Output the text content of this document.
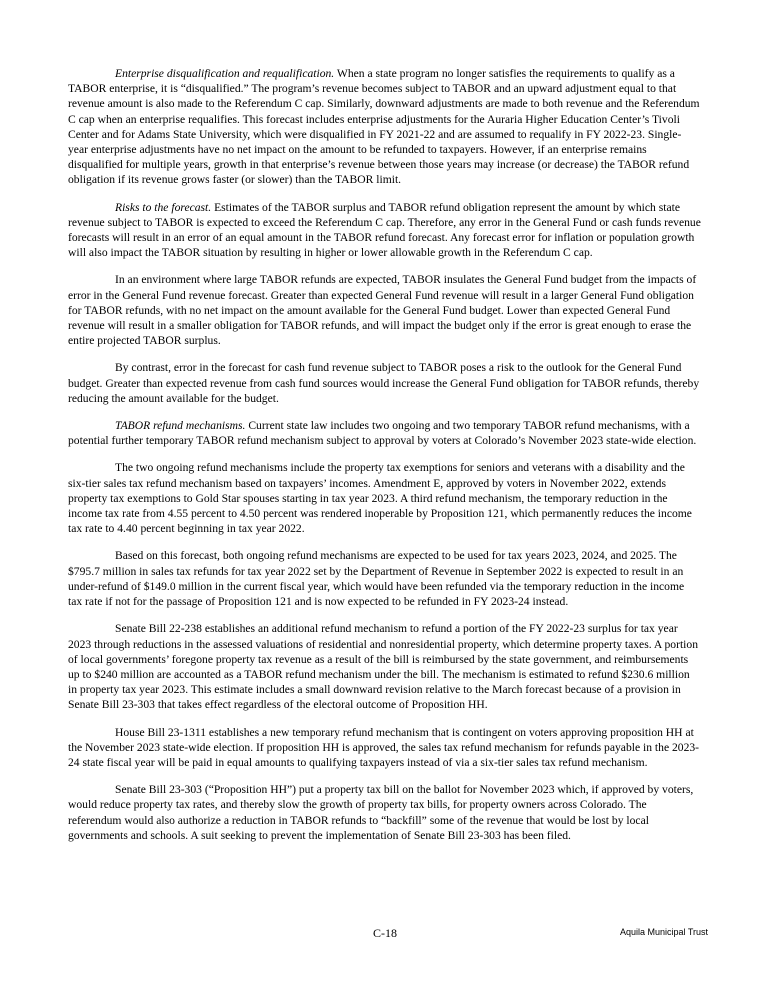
Enterprise disqualification and requalification. When a state program no longer satisfies the requirements to qualify as a TABOR enterprise, it is “disqualified.” The program’s revenue becomes subject to TABOR and an upward adjustment equal to that revenue amount is also made to the Referendum C cap. Similarly, downward adjustments are made to both revenue and the Referendum C cap when an enterprise requalifies. This forecast includes enterprise adjustments for the Auraria Higher Education Center’s Tivoli Center and for Adams State University, which were disqualified in FY 2021-22 and are assumed to requalify in FY 2022-23. Single-year enterprise adjustments have no net impact on the amount to be refunded to taxpayers. However, if an enterprise remains disqualified for multiple years, growth in that enterprise’s revenue between those years may increase (or decrease) the TABOR refund obligation if its revenue grows faster (or slower) than the TABOR limit.

Risks to the forecast. Estimates of the TABOR surplus and TABOR refund obligation represent the amount by which state revenue subject to TABOR is expected to exceed the Referendum C cap. Therefore, any error in the General Fund or cash funds revenue forecasts will result in an error of an equal amount in the TABOR refund forecast. Any forecast error for inflation or population growth will also impact the TABOR situation by resulting in higher or lower allowable growth in the Referendum C cap.

In an environment where large TABOR refunds are expected, TABOR insulates the General Fund budget from the impacts of error in the General Fund revenue forecast. Greater than expected General Fund revenue will result in a larger General Fund obligation for TABOR refunds, with no net impact on the amount available for the General Fund budget. Lower than expected General Fund revenue will result in a smaller obligation for TABOR refunds, and will impact the budget only if the error is great enough to erase the entire projected TABOR surplus.

By contrast, error in the forecast for cash fund revenue subject to TABOR poses a risk to the outlook for the General Fund budget. Greater than expected revenue from cash fund sources would increase the General Fund obligation for TABOR refunds, thereby reducing the amount available for the budget.

TABOR refund mechanisms. Current state law includes two ongoing and two temporary TABOR refund mechanisms, with a potential further temporary TABOR refund mechanism subject to approval by voters at Colorado’s November 2023 state-wide election.

The two ongoing refund mechanisms include the property tax exemptions for seniors and veterans with a disability and the six-tier sales tax refund mechanism based on taxpayers’ incomes. Amendment E, approved by voters in November 2022, extends property tax exemptions to Gold Star spouses starting in tax year 2023. A third refund mechanism, the temporary reduction in the income tax rate from 4.55 percent to 4.50 percent was rendered inoperable by Proposition 121, which permanently reduces the income tax rate to 4.40 percent beginning in tax year 2022.

Based on this forecast, both ongoing refund mechanisms are expected to be used for tax years 2023, 2024, and 2025. The $795.7 million in sales tax refunds for tax year 2022 set by the Department of Revenue in September 2022 is expected to result in an under-refund of $149.0 million in the current fiscal year, which would have been refunded via the temporary reduction in the income tax rate if not for the passage of Proposition 121 and is now expected to be refunded in FY 2023-24 instead.

Senate Bill 22-238 establishes an additional refund mechanism to refund a portion of the FY 2022-23 surplus for tax year 2023 through reductions in the assessed valuations of residential and nonresidential property, which determine property taxes. A portion of local governments’ foregone property tax revenue as a result of the bill is reimbursed by the state government, and reimbursements up to $240 million are accounted as a TABOR refund mechanism under the bill. The mechanism is estimated to refund $230.6 million in property tax year 2023. This estimate includes a small downward revision relative to the March forecast because of a provision in Senate Bill 23-303 that takes effect regardless of the electoral outcome of Proposition HH.

House Bill 23-1311 establishes a new temporary refund mechanism that is contingent on voters approving proposition HH at the November 2023 state-wide election. If proposition HH is approved, the sales tax refund mechanism for refunds payable in the 2023-24 state fiscal year will be paid in equal amounts to qualifying taxpayers instead of via a six-tier sales tax refund mechanism.

Senate Bill 23-303 (“Proposition HH”) put a property tax bill on the ballot for November 2023 which, if approved by voters, would reduce property tax rates, and thereby slow the growth of property tax bills, for property owners across Colorado. The referendum would also authorize a reduction in TABOR refunds to “backfill” some of the revenue that would be lost by local governments and schools. A suit seeking to prevent the implementation of Senate Bill 23-303 has been filed.

C-18	Aquila Municipal Trust
